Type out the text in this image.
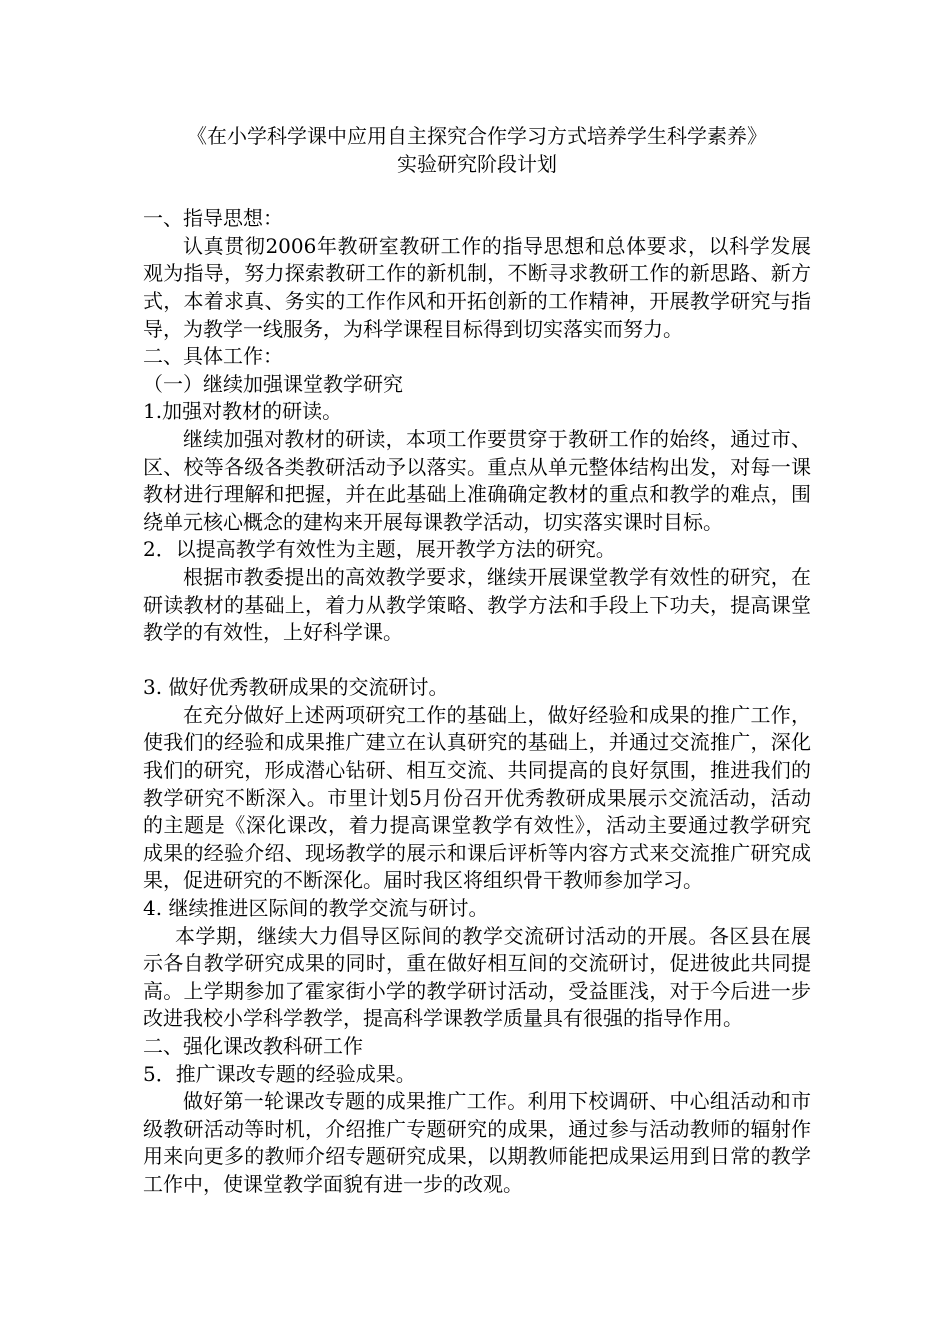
《在小学科学课中应用自主探究合作学习方式培养学生科学素养》

实验研究阶段计划

一、指导思想：

认真贯彻2006年教研室教研工作的指导思想和总体要求，以科学发展观为指导，努力探索教研工作的新机制，不断寻求教研工作的新思路、新方式，本着求真、务实的工作作风和开拓创新的工作精神，开展教学研究与指导，为教学一线服务，为科学课程目标得到切实落实而努力。

二、具体工作：

（一）继续加强课堂教学研究

1.加强对教材的研读。

继续加强对教材的研读，本项工作要贯穿于教研工作的始终，通过市、区、校等各级各类教研活动予以落实。重点从单元整体结构出发，对每一课教材进行理解和把握，并在此基础上准确确定教材的重点和教学的难点，围绕单元核心概念的建构来开展每课教学活动，切实落实课时目标。

2．以提高教学有效性为主题，展开教学方法的研究。

根据市教委提出的高效教学要求，继续开展课堂教学有效性的研究，在研读教材的基础上，着力从教学策略、教学方法和手段上下功夫，提高课堂教学的有效性，上好科学课。

3. 做好优秀教研成果的交流研讨。

在充分做好上述两项研究工作的基础上，做好经验和成果的推广工作，使我们的经验和成果推广建立在认真研究的基础上，并通过交流推广，深化我们的研究，形成潜心钻研、相互交流、共同提高的良好氛围，推进我们的教学研究不断深入。市里计划5月份召开优秀教研成果展示交流活动，活动的主题是《深化课改，着力提高课堂教学有效性》，活动主要通过教学研究成果的经验介绍、现场教学的展示和课后评析等内容方式来交流推广研究成果，促进研究的不断深化。届时我区将组织骨干教师参加学习。

4. 继续推进区际间的教学交流与研讨。

本学期，继续大力倡导区际间的教学交流研讨活动的开展。各区县在展示各自教学研究成果的同时，重在做好相互间的交流研讨，促进彼此共同提高。上学期参加了霍家街小学的教学研讨活动，受益匪浅，对于今后进一步改进我校小学科学教学，提高科学课教学质量具有很强的指导作用。

二、强化课改教科研工作

5．推广课改专题的经验成果。

做好第一轮课改专题的成果推广工作。利用下校调研、中心组活动和市级教研活动等时机，介绍推广专题研究的成果，通过参与活动教师的辐射作用来向更多的教师介绍专题研究成果，以期教师能把成果运用到日常的教学工作中，使课堂教学面貌有进一步的改观。
